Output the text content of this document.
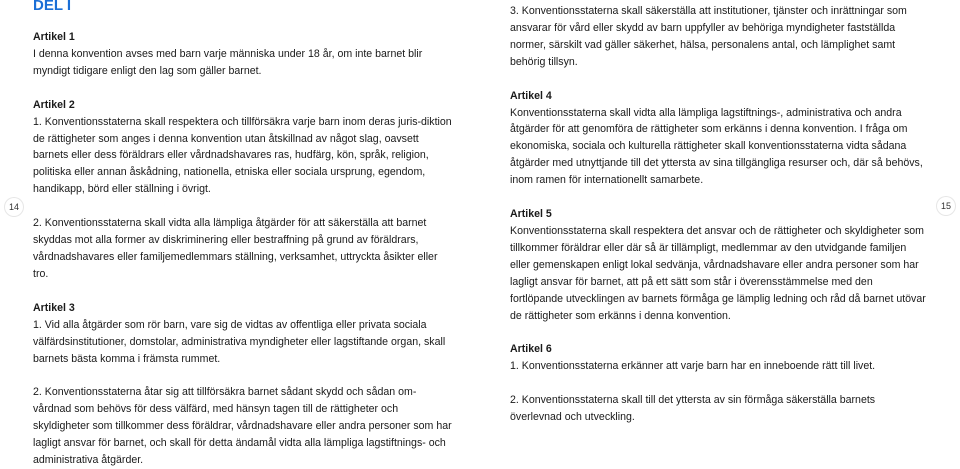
DEL I
Artikel 1

I denna konvention avses med barn varje människa under 18 år, om inte barnet blir myndigt tidigare enligt den lag som gäller barnet.

Artikel 2

1. Konventionsstaterna skall respektera och tillförsäkra varje barn inom deras juris-diktion de rättigheter som anges i denna konvention utan åtskillnad av något slag, oavsett barnets eller dess föräldrars eller vårdnadshavares ras, hudfärg, kön, språk, religion, politiska eller annan åskådning, nationella, etniska eller sociala ursprung, egendom, handikapp, börd eller ställning i övrigt.

2. Konventionsstaterna skall vidta alla lämpliga åtgärder för att säkerställa att barnet skyddas mot alla former av diskriminering eller bestraffning på grund av föräldrars, vårdnadshavares eller familjemedlemmars ställning, verksamhet, uttryckta åsikter eller tro.

Artikel 3

1. Vid alla åtgärder som rör barn, vare sig de vidtas av offentliga eller privata sociala välfärdsinstitutioner, domstolar, administrativa myndigheter eller lagstiftande organ, skall barnets bästa komma i främsta rummet.

2. Konventionsstaterna åtar sig att tillförsäkra barnet sådant skydd och sådan om-vårdnad som behövs för dess välfärd, med hänsyn tagen till de rättigheter och skyldigheter som tillkommer dess föräldrar, vårdnadshavare eller andra personer som har lagligt ansvar för barnet, och skall för detta ändamål vidta alla lämpliga lagstiftnings- och administrativa åtgärder.

3. Konventionsstaterna skall säkerställa att institutioner, tjänster och inrättningar som ansvarar för vård eller skydd av barn uppfyller av behöriga myndigheter fastställda normer, särskilt vad gäller säkerhet, hälsa, personalens antal, och lämplighet samt behörig tillsyn.

Artikel 4

Konventionsstaterna skall vidta alla lämpliga lagstiftnings-, administrativa och andra åtgärder för att genomföra de rättigheter som erkänns i denna konvention. I fråga om ekonomiska, sociala och kulturella rättigheter skall konventionsstaterna vidta sådana åtgärder med utnyttjande till det yttersta av sina tillgängliga resurser och, där så behövs, inom ramen för internationellt samarbete.

Artikel 5

Konventionsstaterna skall respektera det ansvar och de rättigheter och skyldigheter som tillkommer föräldrar eller där så är tillämpligt, medlemmar av den utvidgande familjen eller gemenskapen enligt lokal sedvänja, vårdnadshavare eller andra personer som har lagligt ansvar för barnet, att på ett sätt som står i överensstämmelse med den fortlöpande utvecklingen av barnets förmåga ge lämplig ledning och råd då barnet utövar de rättigheter som erkänns i denna konvention.

Artikel 6

1. Konventionsstaterna erkänner att varje barn har en inneboende rätt till livet.

2. Konventionsstaterna skall till det yttersta av sin förmåga säkerställa barnets överlevnad och utveckling.

14	15
